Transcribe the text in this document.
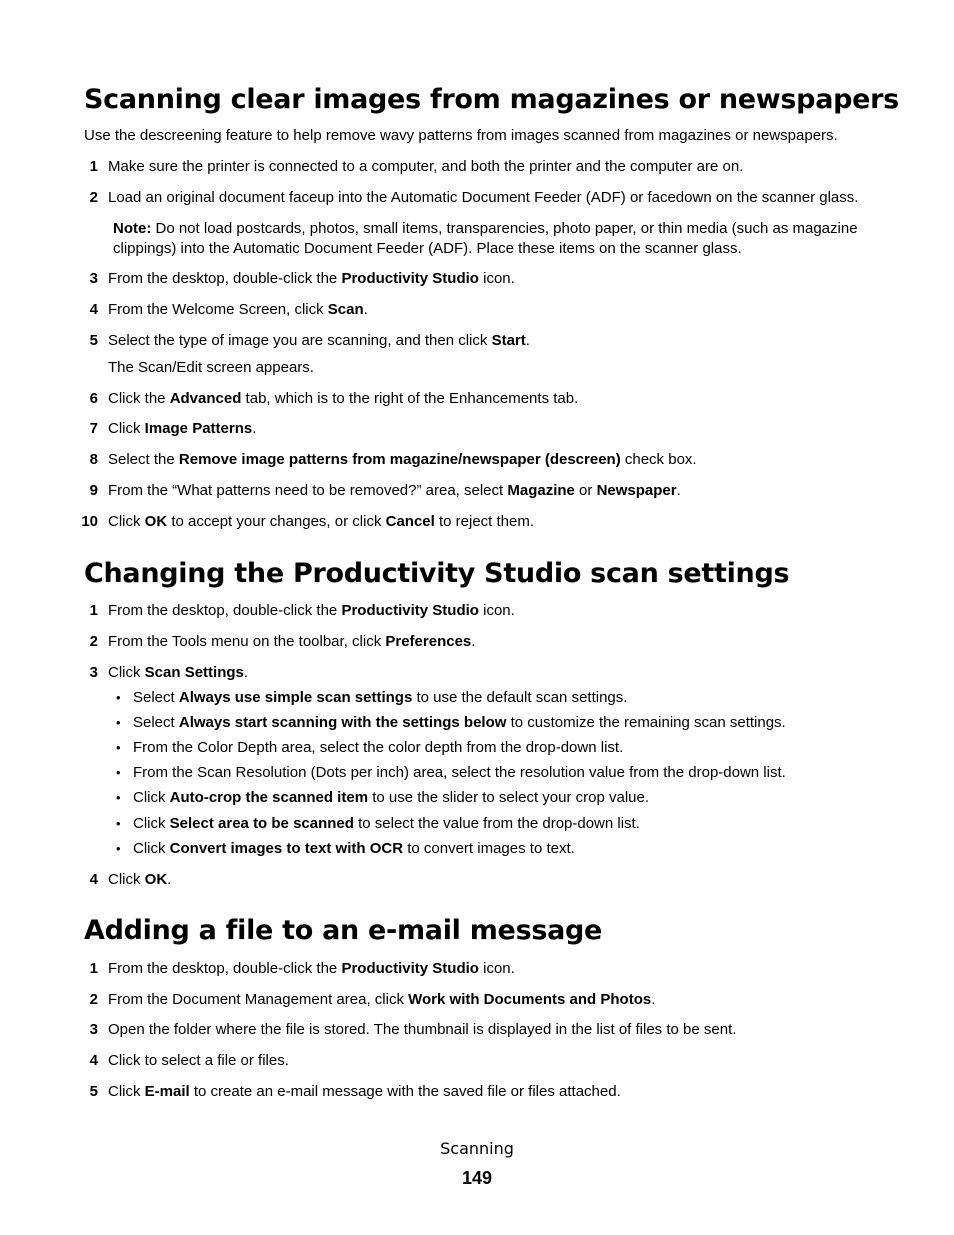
Scanning clear images from magazines or newspapers
Use the descreening feature to help remove wavy patterns from images scanned from magazines or newspapers.
1 Make sure the printer is connected to a computer, and both the printer and the computer are on.
2 Load an original document faceup into the Automatic Document Feeder (ADF) or facedown on the scanner glass.
Note: Do not load postcards, photos, small items, transparencies, photo paper, or thin media (such as magazine
clippings) into the Automatic Document Feeder (ADF). Place these items on the scanner glass.
3 From the desktop, double-click the Productivity Studio icon.
4 From the Welcome Screen, click Scan.
5 Select the type of image you are scanning, and then click Start.
The Scan/Edit screen appears.
6 Click the Advanced tab, which is to the right of the Enhancements tab.
7 Click Image Patterns.
8 Select the Remove image patterns from magazine/newspaper (descreen) check box.
9 From the “What patterns need to be removed?” area, select Magazine or Newspaper.
10 Click OK to accept your changes, or click Cancel to reject them.
Changing the Productivity Studio scan settings
1 From the desktop, double-click the Productivity Studio icon.
2 From the Tools menu on the toolbar, click Preferences.
3 Click Scan Settings.
• Select Always use simple scan settings to use the default scan settings.
• Select Always start scanning with the settings below to customize the remaining scan settings.
• From the Color Depth area, select the color depth from the drop-down list.
• From the Scan Resolution (Dots per inch) area, select the resolution value from the drop-down list.
• Click Auto-crop the scanned item to use the slider to select your crop value.
• Click Select area to be scanned to select the value from the drop-down list.
• Click Convert images to text with OCR to convert images to text.
4 Click OK.
Adding a file to an e-mail message
1 From the desktop, double-click the Productivity Studio icon.
2 From the Document Management area, click Work with Documents and Photos.
3 Open the folder where the file is stored. The thumbnail is displayed in the list of files to be sent.
4 Click to select a file or files.
5 Click E-mail to create an e-mail message with the saved file or files attached.
Scanning
149
